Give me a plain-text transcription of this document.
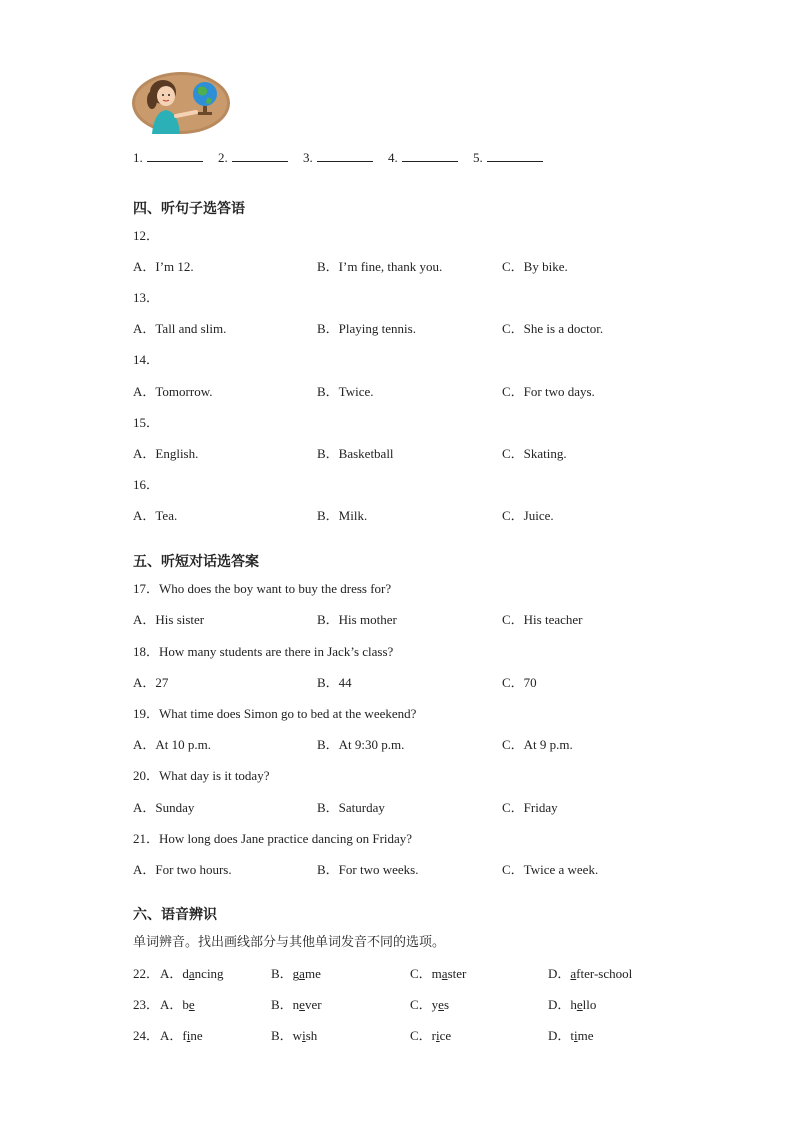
1.	2.	3.	4.	5.
四、听句子选答语
12．
A．I’m 12.	B．I’m fine, thank you.	C．By bike.
13．
A．Tall and slim.	B．Playing tennis.	C．She is a doctor.
14．
A．Tomorrow.	B．Twice.	C．For two days.
15．
A．English.	B．Basketball	C．Skating.
16．
A．Tea.	B．Milk.	C．Juice.
五、听短对话选答案
17．Who does the boy want to buy the dress for?
A．His sister	B．His mother	C．His teacher
18．How many students are there in Jack’s class?
A．27	B．44	C．70
19．What time does Simon go to bed at the weekend?
A．At 10 p.m.	B．At 9:30 p.m.	C．At 9 p.m.
20．What day is it today?
A．Sunday	B．Saturday	C．Friday
21．How long does Jane practice dancing on Friday?
A．For two hours.	B．For two weeks.	C．Twice a week.
六、语音辨识
单词辨音。找出画线部分与其他单词发音不同的选项。
22． A．dancing	B．game	C．master	D．after-school
23． A．be	B．never	C．yes	D．hello
24． A．fine	B．wish	C．rice	D．time
